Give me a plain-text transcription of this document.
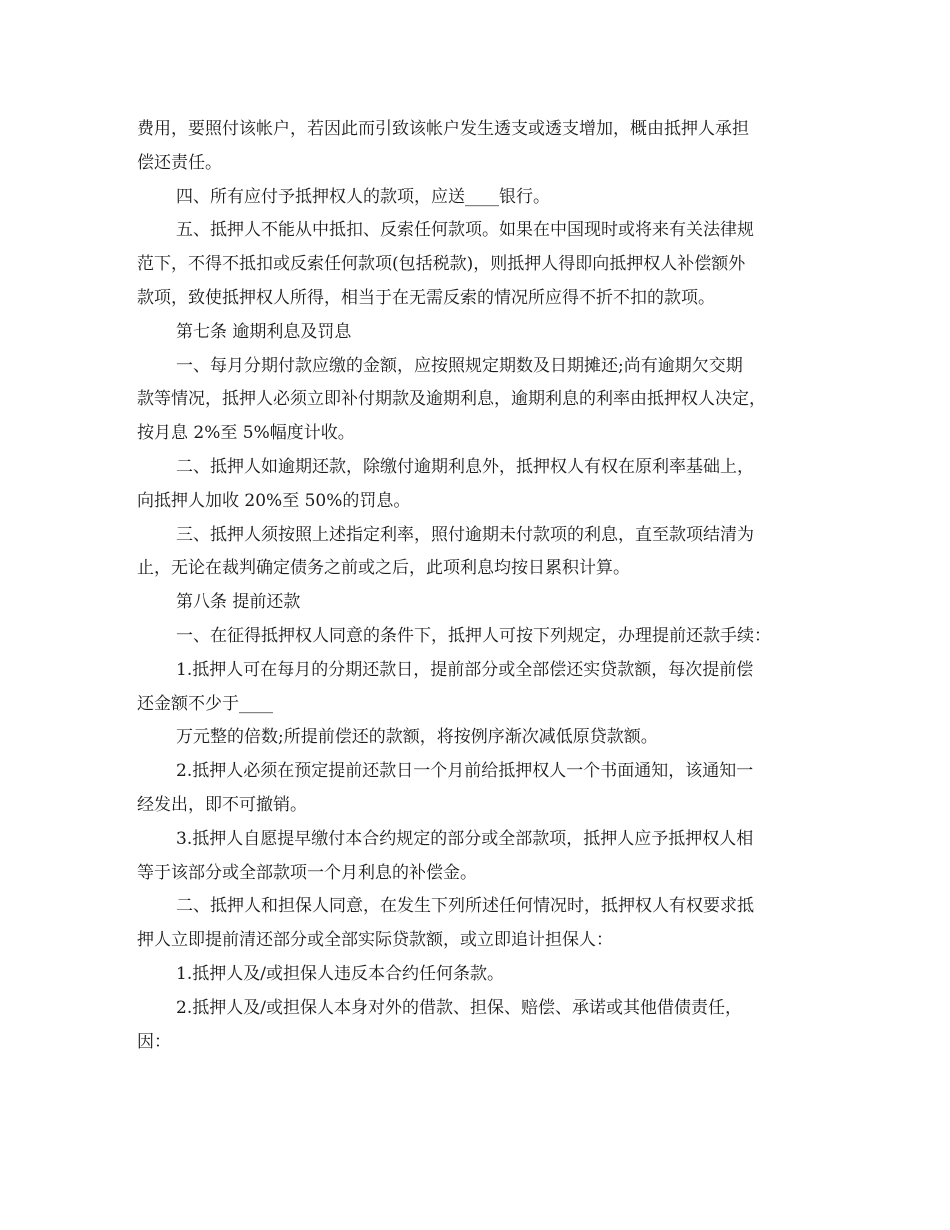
费用，要照付该帐户，若因此而引致该帐户发生透支或透支增加，概由抵押人承担
偿还责任。
四、所有应付予抵押权人的款项，应送____银行。
五、抵押人不能从中抵扣、反索任何款项。如果在中国现时或将来有关法律规
范下，不得不抵扣或反索任何款项(包括税款)，则抵押人得即向抵押权人补偿额外
款项，致使抵押权人所得，相当于在无需反索的情况所应得不折不扣的款项。
第七条 逾期利息及罚息
一、每月分期付款应缴的金额，应按照规定期数及日期摊还;尚有逾期欠交期
款等情况，抵押人必须立即补付期款及逾期利息，逾期利息的利率由抵押权人决定，
按月息 2%至 5%幅度计收。
二、抵押人如逾期还款，除缴付逾期利息外，抵押权人有权在原利率基础上，
向抵押人加收 20%至 50%的罚息。
三、抵押人须按照上述指定利率，照付逾期未付款项的利息，直至款项结清为
止，无论在裁判确定债务之前或之后，此项利息均按日累积计算。
第八条 提前还款
一、在征得抵押权人同意的条件下，抵押人可按下列规定，办理提前还款手续：
1.抵押人可在每月的分期还款日，提前部分或全部偿还实贷款额，每次提前偿
还金额不少于____
万元整的倍数;所提前偿还的款额，将按例序渐次减低原贷款额。
2.抵押人必须在预定提前还款日一个月前给抵押权人一个书面通知，该通知一
经发出，即不可撤销。
3.抵押人自愿提早缴付本合约规定的部分或全部款项，抵押人应予抵押权人相
等于该部分或全部款项一个月利息的补偿金。
二、抵押人和担保人同意，在发生下列所述任何情况时，抵押权人有权要求抵
押人立即提前清还部分或全部实际贷款额，或立即追计担保人：
1.抵押人及/或担保人违反本合约任何条款。
2.抵押人及/或担保人本身对外的借款、担保、赔偿、承诺或其他借债责任，
因：
